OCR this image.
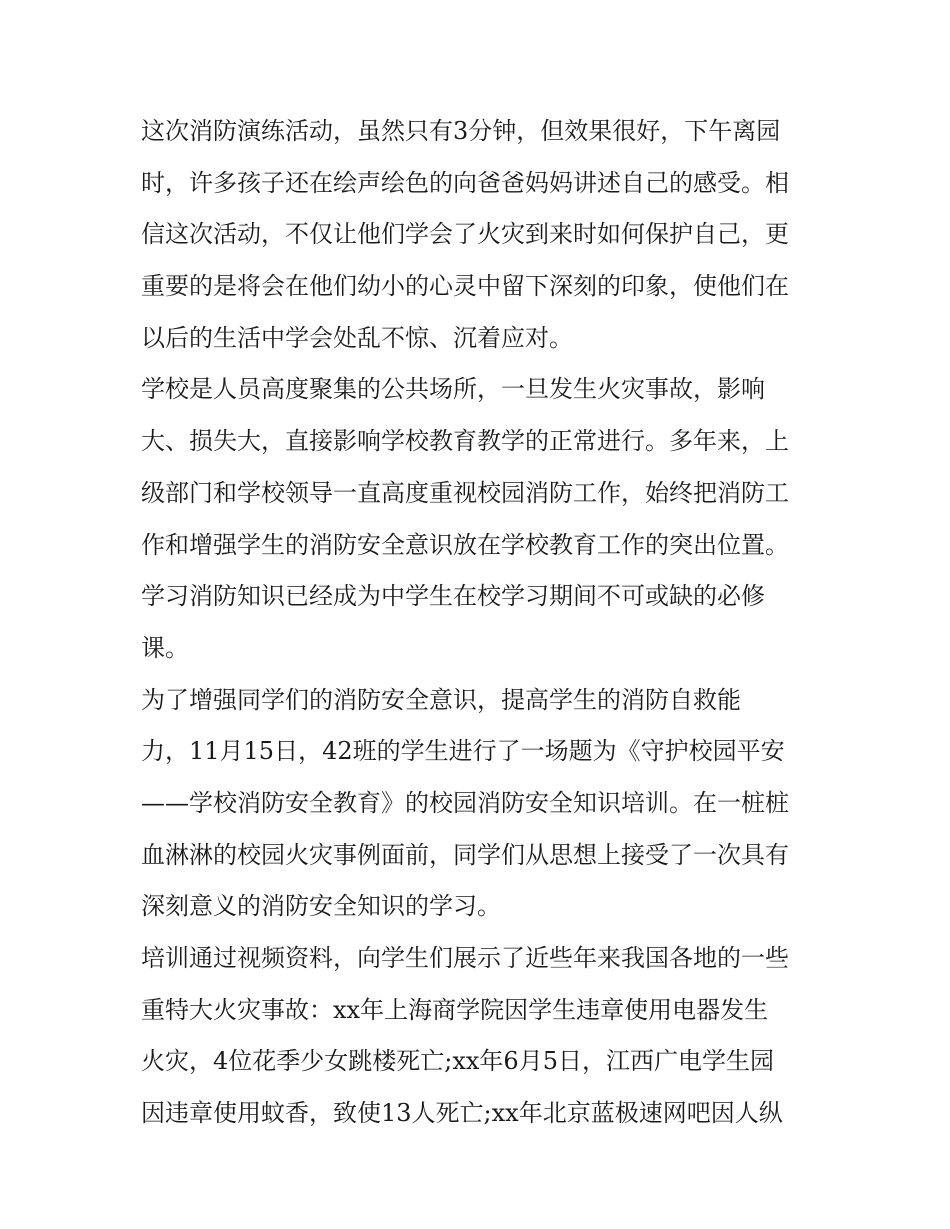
这次消防演练活动，虽然只有3分钟，但效果很好，下午离园
时，许多孩子还在绘声绘色的向爸爸妈妈讲述自己的感受。相
信这次活动，不仅让他们学会了火灾到来时如何保护自己，更
重要的是将会在他们幼小的心灵中留下深刻的印象，使他们在
以后的生活中学会处乱不惊、沉着应对。
学校是人员高度聚集的公共场所，一旦发生火灾事故，影响
大、损失大，直接影响学校教育教学的正常进行。多年来，上
级部门和学校领导一直高度重视校园消防工作，始终把消防工
作和增强学生的消防安全意识放在学校教育工作的突出位置。
学习消防知识已经成为中学生在校学习期间不可或缺的必修
课。
为了增强同学们的消防安全意识，提高学生的消防自救能
力，11月15日，42班的学生进行了一场题为《守护校园平安
——学校消防安全教育》的校园消防安全知识培训。在一桩桩
血淋淋的校园火灾事例面前，同学们从思想上接受了一次具有
深刻意义的消防安全知识的学习。
培训通过视频资料，向学生们展示了近些年来我国各地的一些
重特大火灾事故：xx年上海商学院因学生违章使用电器发生
火灾，4位花季少女跳楼死亡;xx年6月5日，江西广电学生园
因违章使用蚊香，致使13人死亡;xx年北京蓝极速网吧因人纵
